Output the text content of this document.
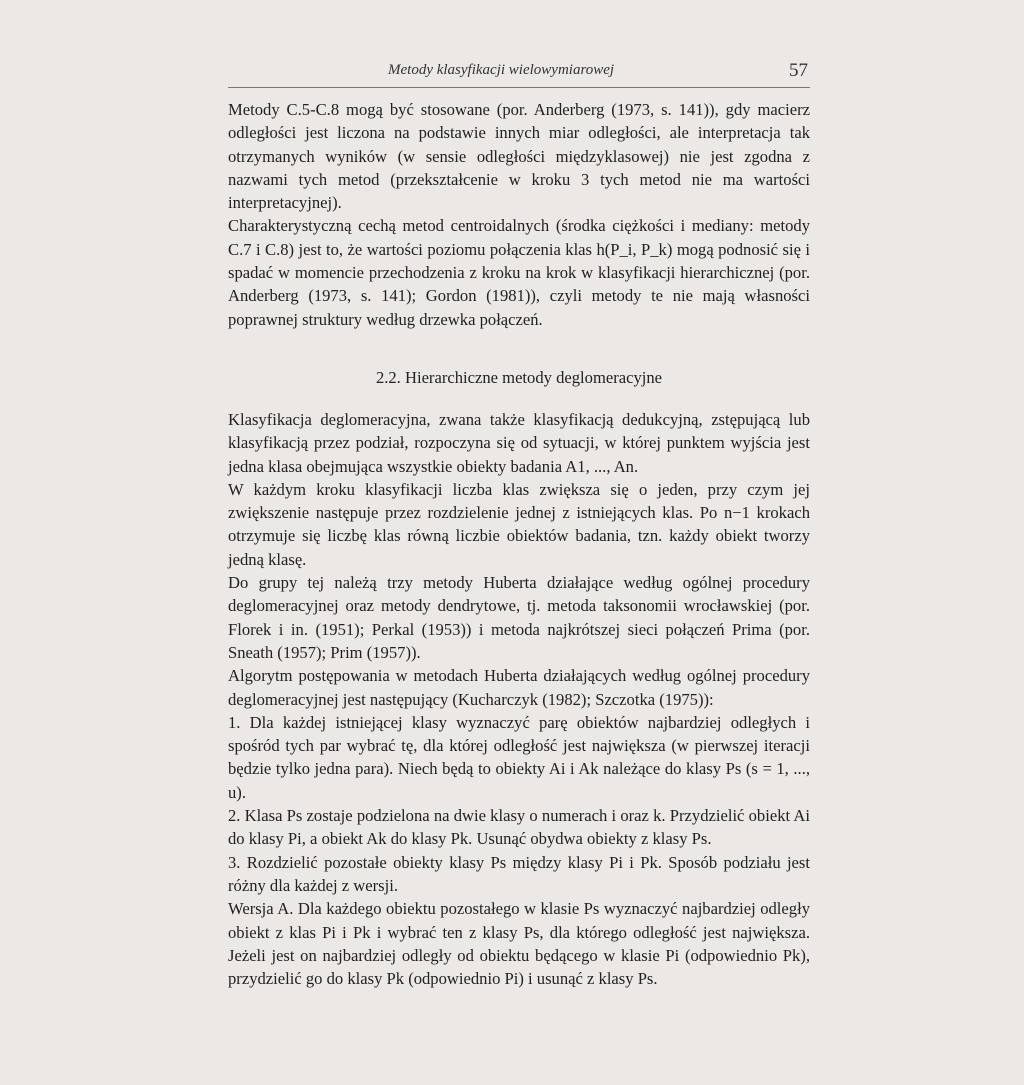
Metody klasyfikacji wielowymiarowej	57

Metody C.5-C.8 mogą być stosowane (por. Anderberg (1973, s. 141)), gdy macierz odległości jest liczona na podstawie innych miar odległości, ale interpretacja tak otrzymanych wyników (w sensie odległości międzyklasowej) nie jest zgodna z nazwami tych metod (przekształcenie w kroku 3 tych metod nie ma wartości interpretacyjnej).

Charakterystyczną cechą metod centroidalnych (środka ciężkości i mediany: metody C.7 i C.8) jest to, że wartości poziomu połączenia klas h(P_i, P_k) mogą podnosić się i spadać w momencie przechodzenia z kroku na krok w klasyfikacji hierarchicznej (por. Anderberg (1973, s. 141); Gordon (1981)), czyli metody te nie mają własności poprawnej struktury według drzewka połączeń.

2.2. Hierarchiczne metody deglomeracyjne

Klasyfikacja deglomeracyjna, zwana także klasyfikacją dedukcyjną, zstępującą lub klasyfikacją przez podział, rozpoczyna się od sytuacji, w której punktem wyjścia jest jedna klasa obejmująca wszystkie obiekty badania A1, ..., An.

W każdym kroku klasyfikacji liczba klas zwiększa się o jeden, przy czym jej zwiększenie następuje przez rozdzielenie jednej z istniejących klas. Po n−1 krokach otrzymuje się liczbę klas równą liczbie obiektów badania, tzn. każdy obiekt tworzy jedną klasę.

Do grupy tej należą trzy metody Huberta działające według ogólnej procedury deglomeracyjnej oraz metody dendrytowe, tj. metoda taksonomii wrocławskiej (por. Florek i in. (1951); Perkal (1953)) i metoda najkrótszej sieci połączeń Prima (por. Sneath (1957); Prim (1957)).

Algorytm postępowania w metodach Huberta działających według ogólnej procedury deglomeracyjnej jest następujący (Kucharczyk (1982); Szczotka (1975)):

1. Dla każdej istniejącej klasy wyznaczyć parę obiektów najbardziej odległych i spośród tych par wybrać tę, dla której odległość jest największa (w pierwszej iteracji będzie tylko jedna para). Niech będą to obiekty Ai i Ak należące do klasy Ps (s = 1, ..., u).

2. Klasa Ps zostaje podzielona na dwie klasy o numerach i oraz k. Przydzielić obiekt Ai do klasy Pi, a obiekt Ak do klasy Pk. Usunąć obydwa obiekty z klasy Ps.

3. Rozdzielić pozostałe obiekty klasy Ps między klasy Pi i Pk. Sposób podziału jest różny dla każdej z wersji.

Wersja A. Dla każdego obiektu pozostałego w klasie Ps wyznaczyć najbardziej odległy obiekt z klas Pi i Pk i wybrać ten z klasy Ps, dla którego odległość jest największa. Jeżeli jest on najbardziej odległy od obiektu będącego w klasie Pi (odpowiednio Pk), przydzielić go do klasy Pk (odpowiednio Pi) i usunąć z klasy Ps.
